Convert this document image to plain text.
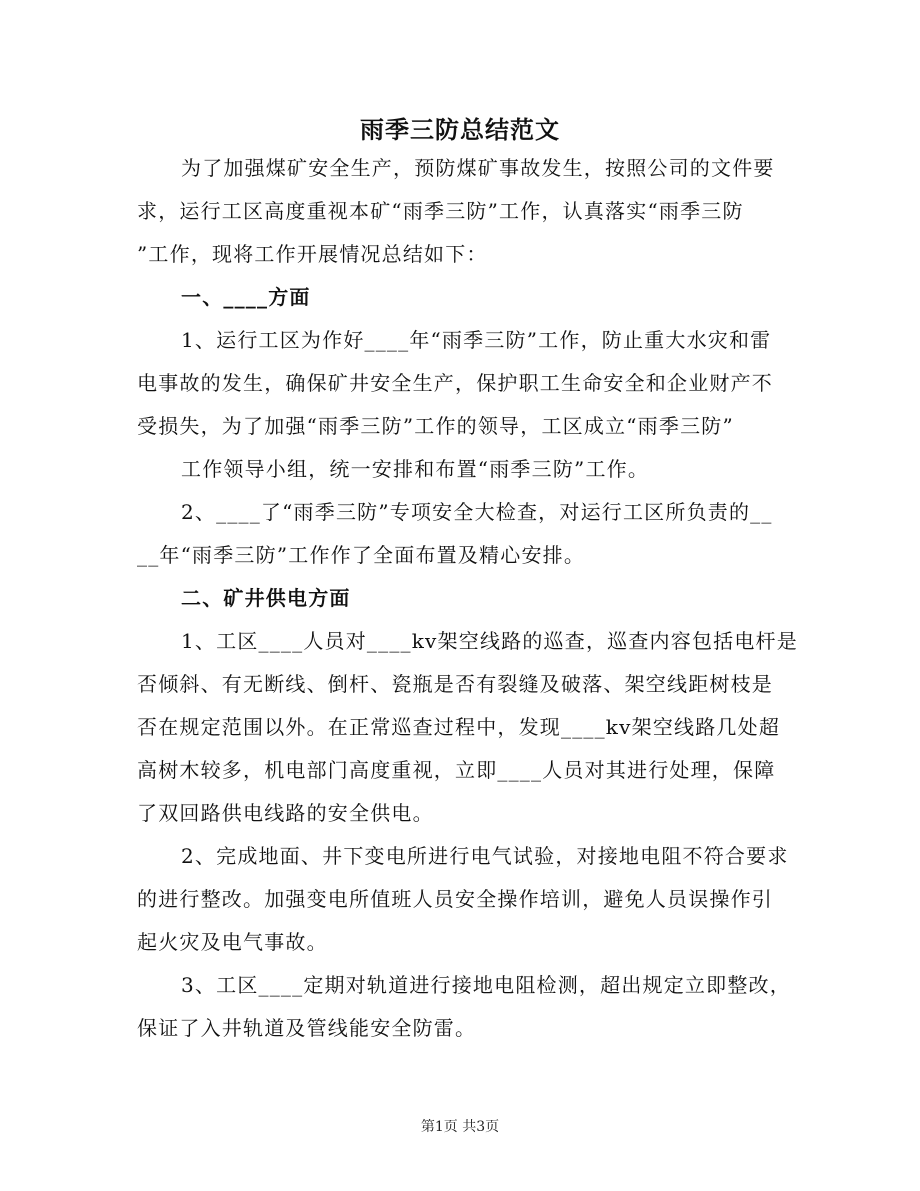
雨季三防总结范文
为了加强煤矿安全生产，预防煤矿事故发生，按照公司的文件要
求，运行工区高度重视本矿“雨季三防”工作，认真落实“雨季三防
”工作，现将工作开展情况总结如下：
一、____方面
1、运行工区为作好____年“雨季三防”工作，防止重大水灾和雷
电事故的发生，确保矿井安全生产，保护职工生命安全和企业财产不
受损失，为了加强“雨季三防”工作的领导，工区成立“雨季三防”
工作领导小组，统一安排和布置“雨季三防”工作。
2、____了“雨季三防”专项安全大检查，对运行工区所负责的__
__年“雨季三防”工作作了全面布置及精心安排。
二、矿井供电方面
1、工区____人员对____kv架空线路的巡查，巡查内容包括电杆是
否倾斜、有无断线、倒杆、瓷瓶是否有裂缝及破落、架空线距树枝是
否在规定范围以外。在正常巡查过程中，发现____kv架空线路几处超
高树木较多，机电部门高度重视，立即____人员对其进行处理，保障
了双回路供电线路的安全供电。
2、完成地面、井下变电所进行电气试验，对接地电阻不符合要求
的进行整改。加强变电所值班人员安全操作培训，避免人员误操作引
起火灾及电气事故。
3、工区____定期对轨道进行接地电阻检测，超出规定立即整改，
保证了入井轨道及管线能安全防雷。
第1页 共3页
